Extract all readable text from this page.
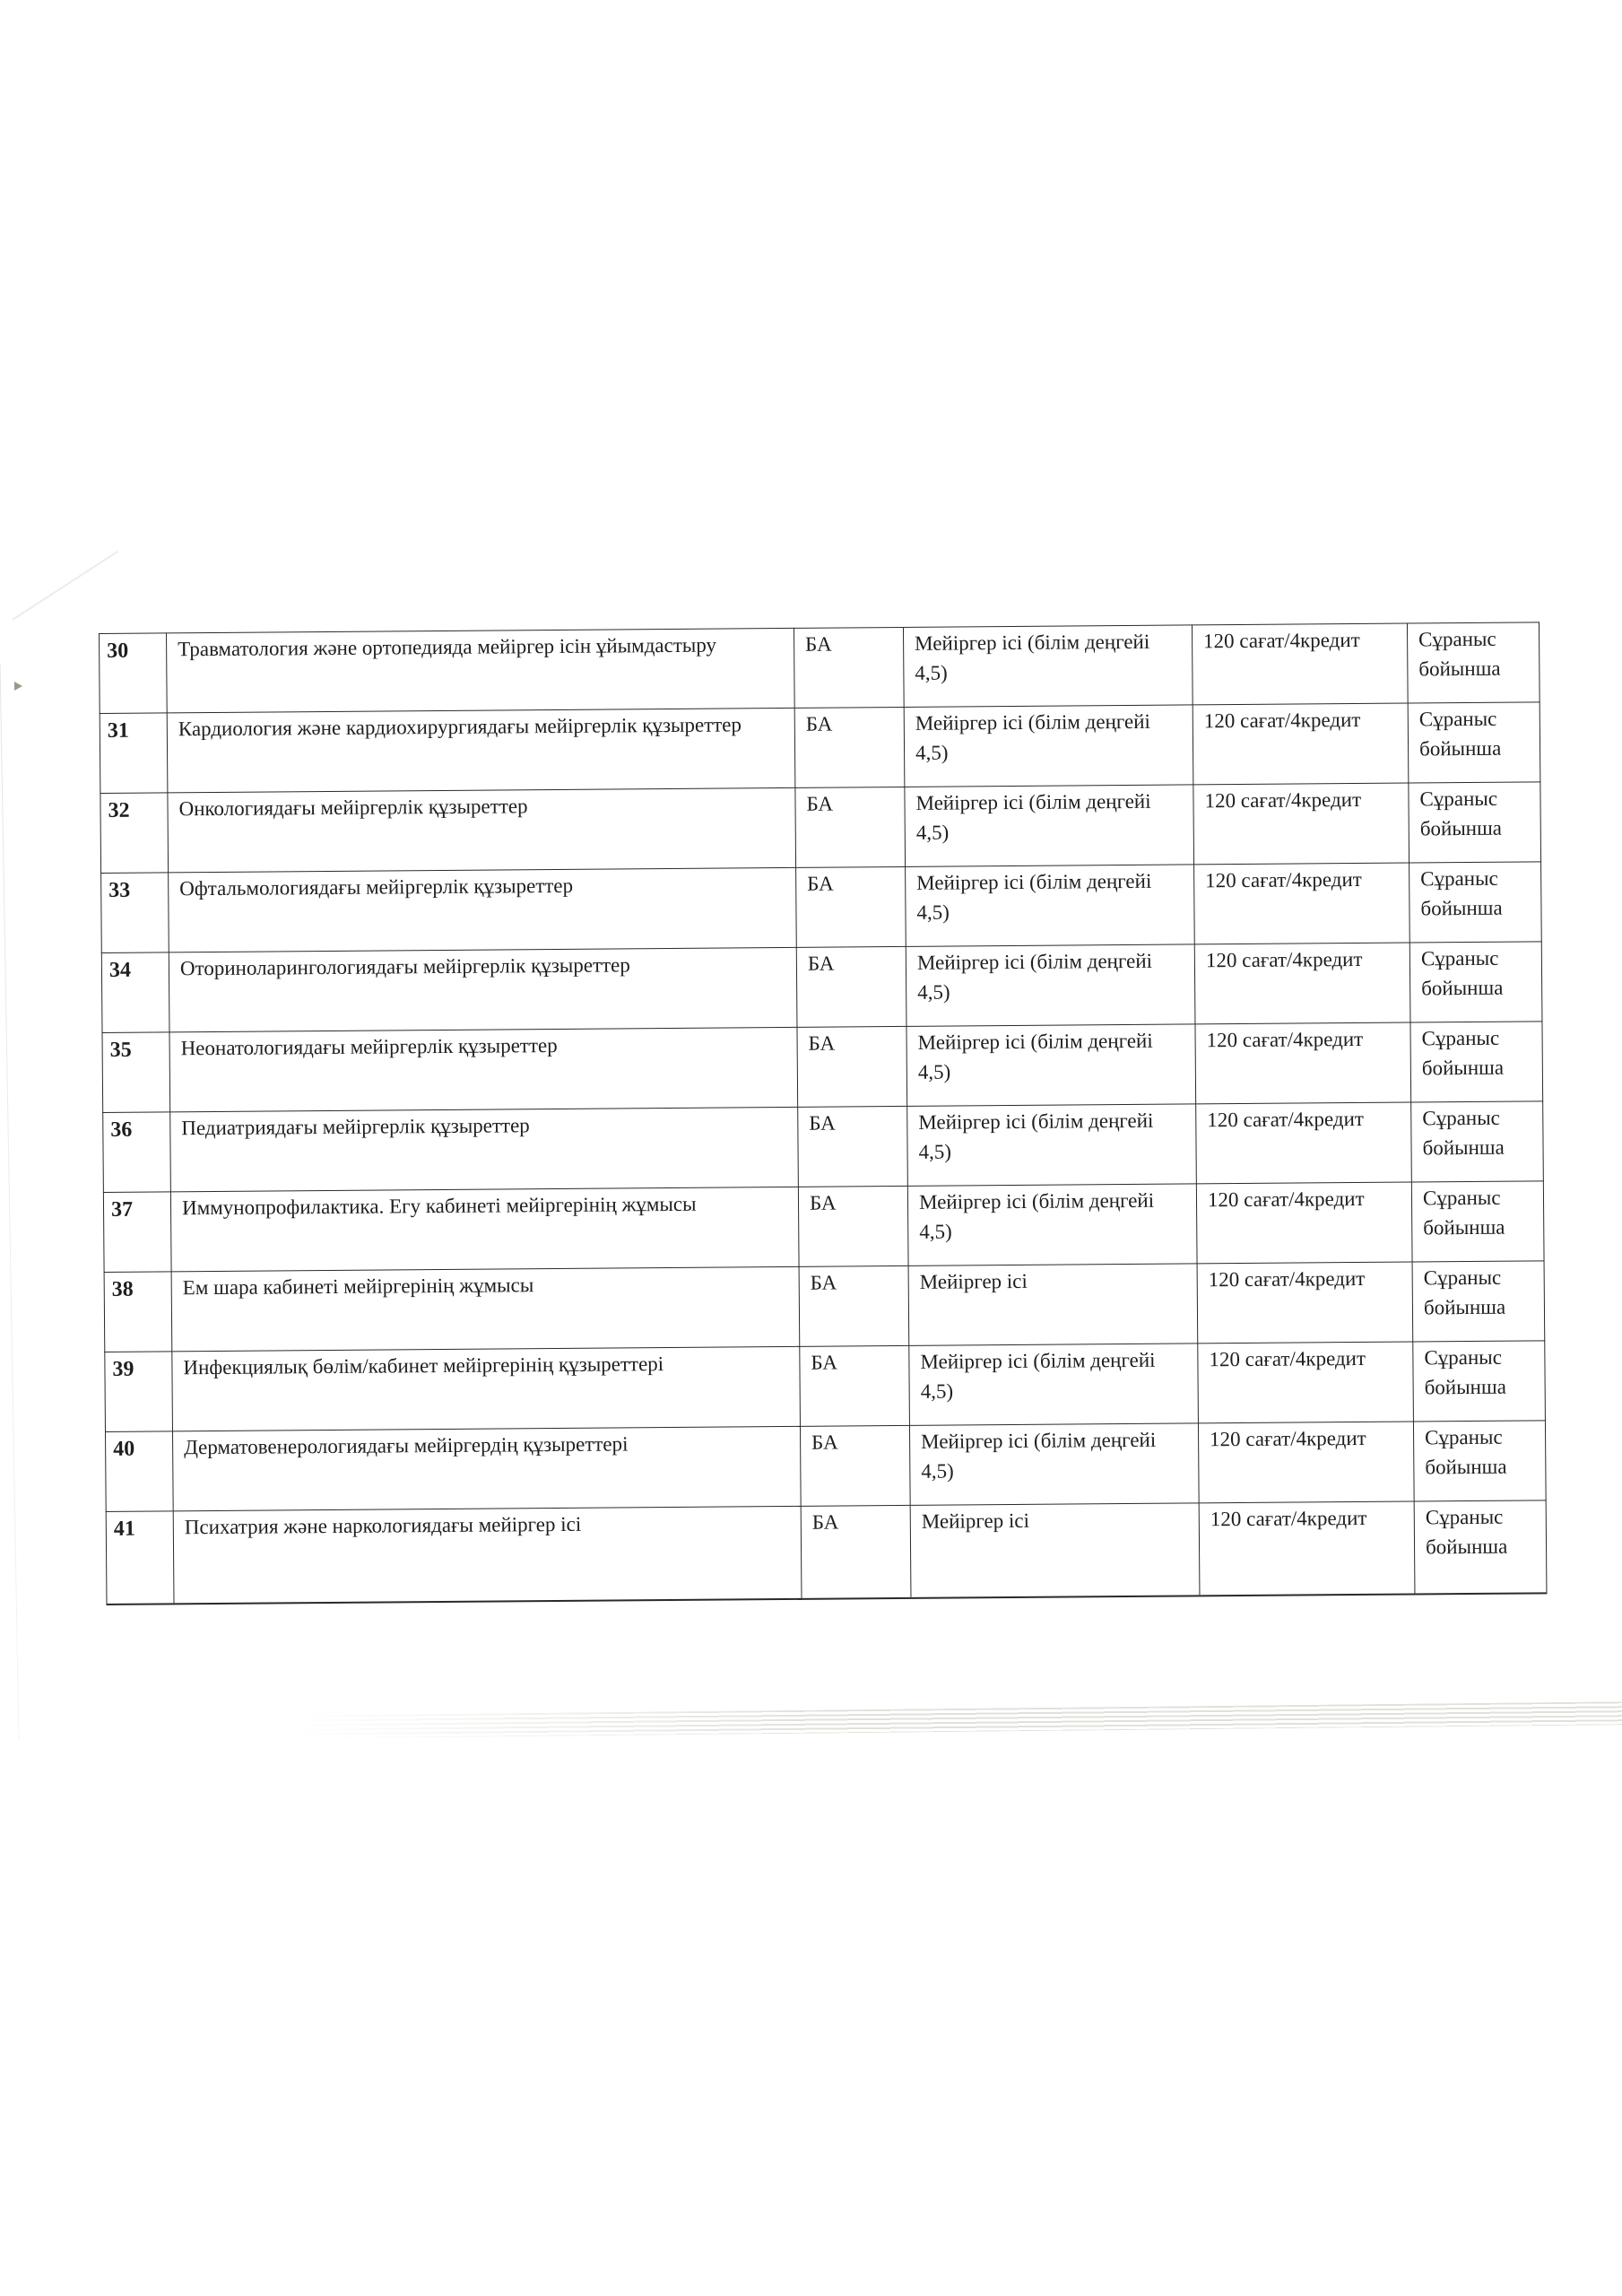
30	Травматология және ортопедияда мейіргер ісін ұйымдастыру	БА	Мейіргер ісі (білім деңгейі 4,5)	120 сағат/4кредит	Сұраныс бойынша
31	Кардиология және кардиохирургиядағы мейіргерлік құзыреттер	БА	Мейіргер ісі (білім деңгейі 4,5)	120 сағат/4кредит	Сұраныс бойынша
32	Онкологиядағы мейіргерлік құзыреттер	БА	Мейіргер ісі (білім деңгейі 4,5)	120 сағат/4кредит	Сұраныс бойынша
33	Офтальмологиядағы мейіргерлік құзыреттер	БА	Мейіргер ісі (білім деңгейі 4,5)	120 сағат/4кредит	Сұраныс бойынша
34	Оториноларингологиядағы мейіргерлік құзыреттер	БА	Мейіргер ісі (білім деңгейі 4,5)	120 сағат/4кредит	Сұраныс бойынша
35	Неонатологиядағы мейіргерлік құзыреттер	БА	Мейіргер ісі (білім деңгейі 4,5)	120 сағат/4кредит	Сұраныс бойынша
36	Педиатриядағы мейіргерлік құзыреттер	БА	Мейіргер ісі (білім деңгейі 4,5)	120 сағат/4кредит	Сұраныс бойынша
37	Иммунопрофилактика. Егу кабинеті мейіргерінің жұмысы	БА	Мейіргер ісі (білім деңгейі 4,5)	120 сағат/4кредит	Сұраныс бойынша
38	Ем шара кабинеті мейіргерінің жұмысы	БА	Мейіргер ісі	120 сағат/4кредит	Сұраныс бойынша
39	Инфекциялық бөлім/кабинет мейіргерінің құзыреттері	БА	Мейіргер ісі (білім деңгейі 4,5)	120 сағат/4кредит	Сұраныс бойынша
40	Дерматовенерологиядағы мейіргердің құзыреттері	БА	Мейіргер ісі (білім деңгейі 4,5)	120 сағат/4кредит	Сұраныс бойынша
41	Психатрия және наркологиядағы мейіргер ісі	БА	Мейіргер ісі	120 сағат/4кредит	Сұраныс бойынша
